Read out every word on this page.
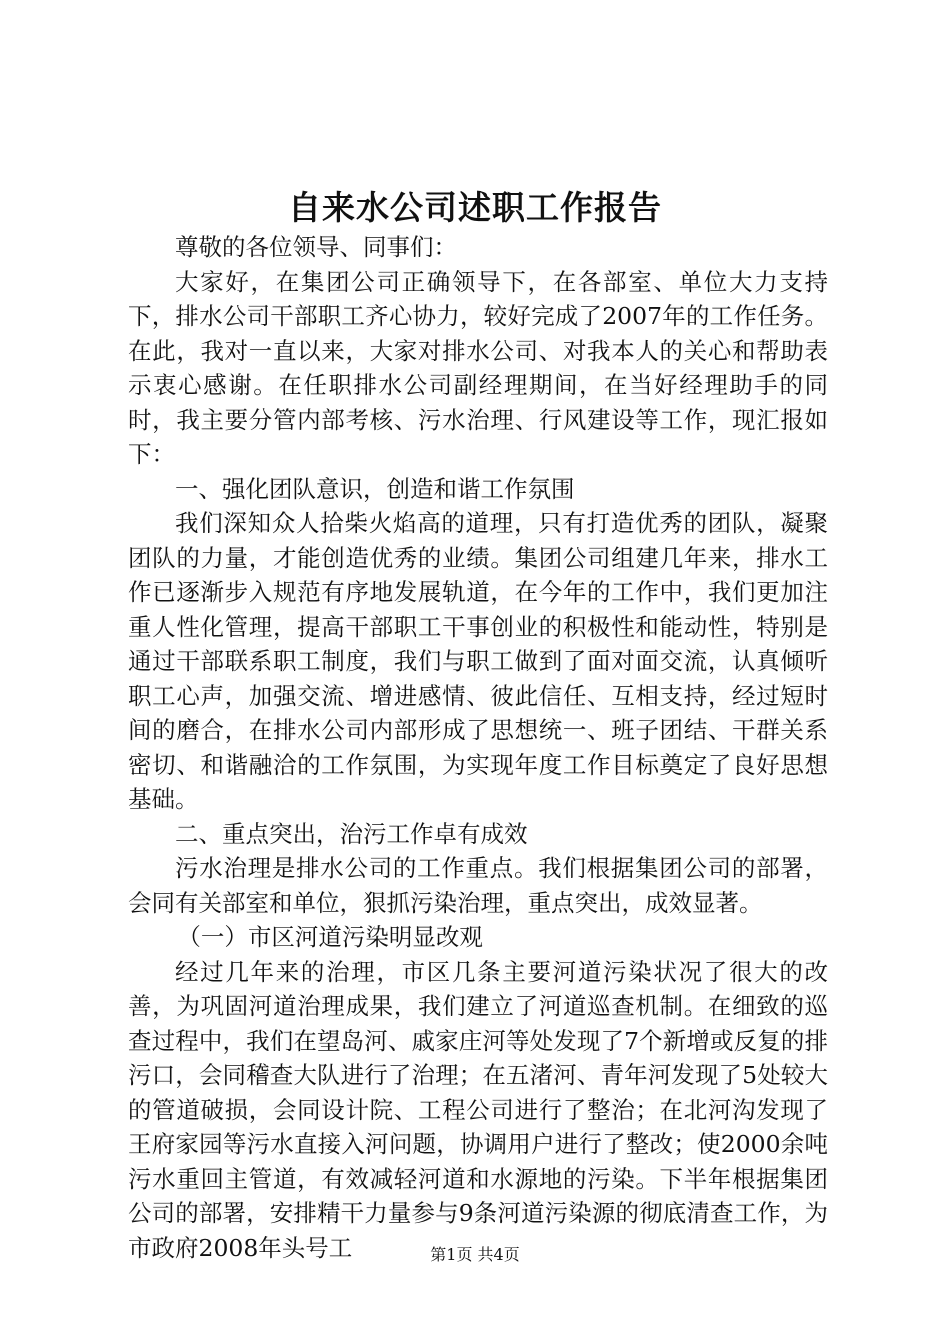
自来水公司述职工作报告

尊敬的各位领导、同事们：

大家好，在集团公司正确领导下，在各部室、单位大力支持下，排水公司干部职工齐心协力，较好完成了2007年的工作任务。在此，我对一直以来，大家对排水公司、对我本人的关心和帮助表示衷心感谢。在任职排水公司副经理期间，在当好经理助手的同时，我主要分管内部考核、污水治理、行风建设等工作，现汇报如下：

一、强化团队意识，创造和谐工作氛围

我们深知众人拾柴火焰高的道理，只有打造优秀的团队，凝聚团队的力量，才能创造优秀的业绩。集团公司组建几年来，排水工作已逐渐步入规范有序地发展轨道，在今年的工作中，我们更加注重人性化管理，提高干部职工干事创业的积极性和能动性，特别是通过干部联系职工制度，我们与职工做到了面对面交流，认真倾听职工心声，加强交流、增进感情、彼此信任、互相支持，经过短时间的磨合，在排水公司内部形成了思想统一、班子团结、干群关系密切、和谐融洽的工作氛围，为实现年度工作目标奠定了良好思想基础。

二、重点突出，治污工作卓有成效

污水治理是排水公司的工作重点。我们根据集团公司的部署，会同有关部室和单位，狠抓污染治理，重点突出，成效显著。

（一）市区河道污染明显改观

经过几年来的治理，市区几条主要河道污染状况了很大的改善，为巩固河道治理成果，我们建立了河道巡查机制。在细致的巡查过程中，我们在望岛河、戚家庄河等处发现了7个新增或反复的排污口，会同稽查大队进行了治理；在五渚河、青年河发现了5处较大的管道破损，会同设计院、工程公司进行了整治；在北河沟发现了王府家园等污水直接入河问题，协调用户进行了整改；使2000余吨污水重回主管道，有效减轻河道和水源地的污染。下半年根据集团公司的部署，安排精干力量参与9条河道污染源的彻底清查工作，为市政府2008年头号工	第1页 共4页
